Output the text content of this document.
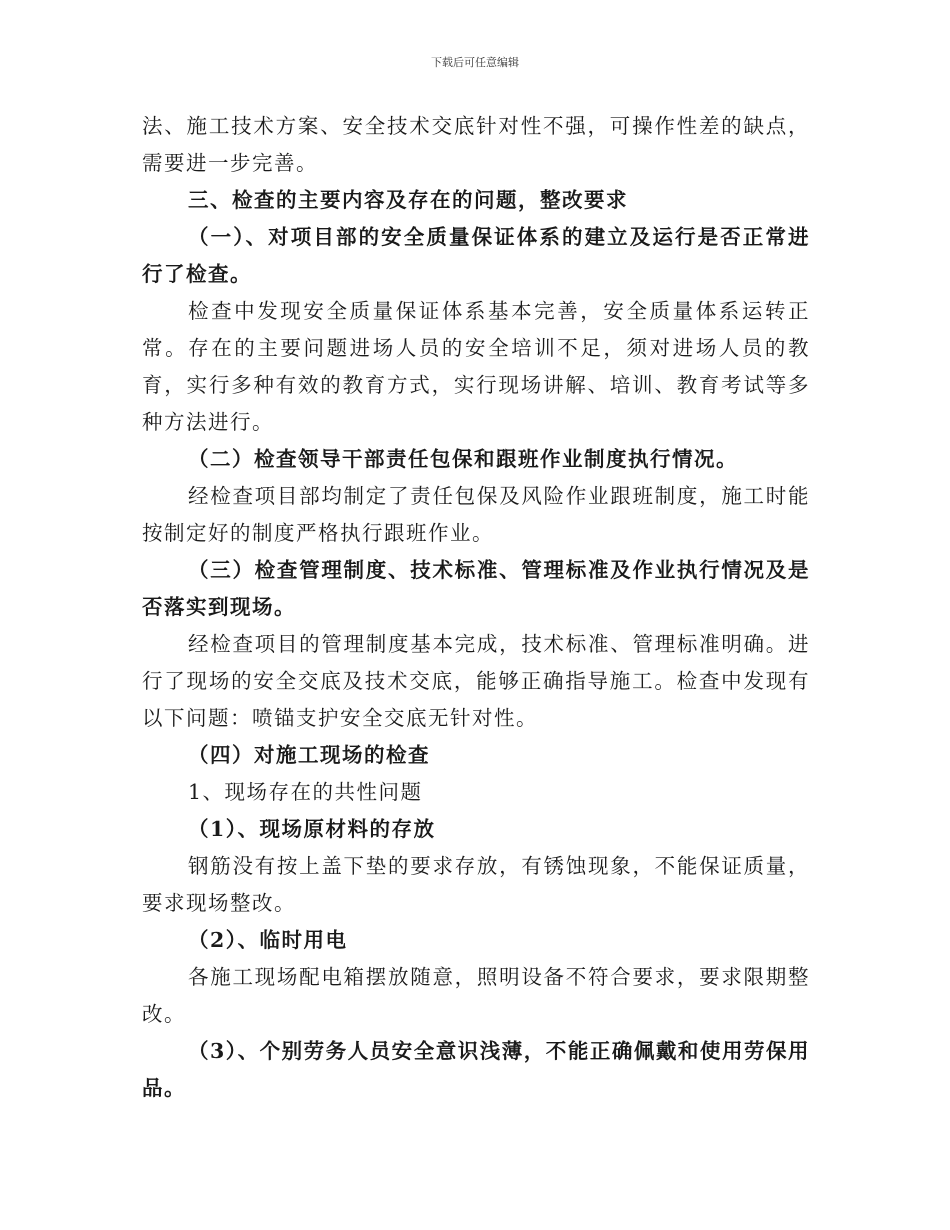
下载后可任意编辑

法、施工技术方案、安全技术交底针对性不强，可操作性差的缺点，需要进一步完善。

三、检查的主要内容及存在的问题，整改要求

（一）、对项目部的安全质量保证体系的建立及运行是否正常进行了检查。

检查中发现安全质量保证体系基本完善，安全质量体系运转正常。存在的主要问题进场人员的安全培训不足，须对进场人员的教育，实行多种有效的教育方式，实行现场讲解、培训、教育考试等多种方法进行。

（二）检查领导干部责任包保和跟班作业制度执行情况。

经检查项目部均制定了责任包保及风险作业跟班制度，施工时能按制定好的制度严格执行跟班作业。

（三）检查管理制度、技术标准、管理标准及作业执行情况及是否落实到现场。

经检查项目的管理制度基本完成，技术标准、管理标准明确。进行了现场的安全交底及技术交底，能够正确指导施工。检查中发现有以下问题：喷锚支护安全交底无针对性。

（四）对施工现场的检查

1、现场存在的共性问题

（1）、现场原材料的存放

钢筋没有按上盖下垫的要求存放，有锈蚀现象，不能保证质量，要求现场整改。

（2）、临时用电

各施工现场配电箱摆放随意，照明设备不符合要求，要求限期整改。

（3）、个别劳务人员安全意识浅薄，不能正确佩戴和使用劳保用品。
